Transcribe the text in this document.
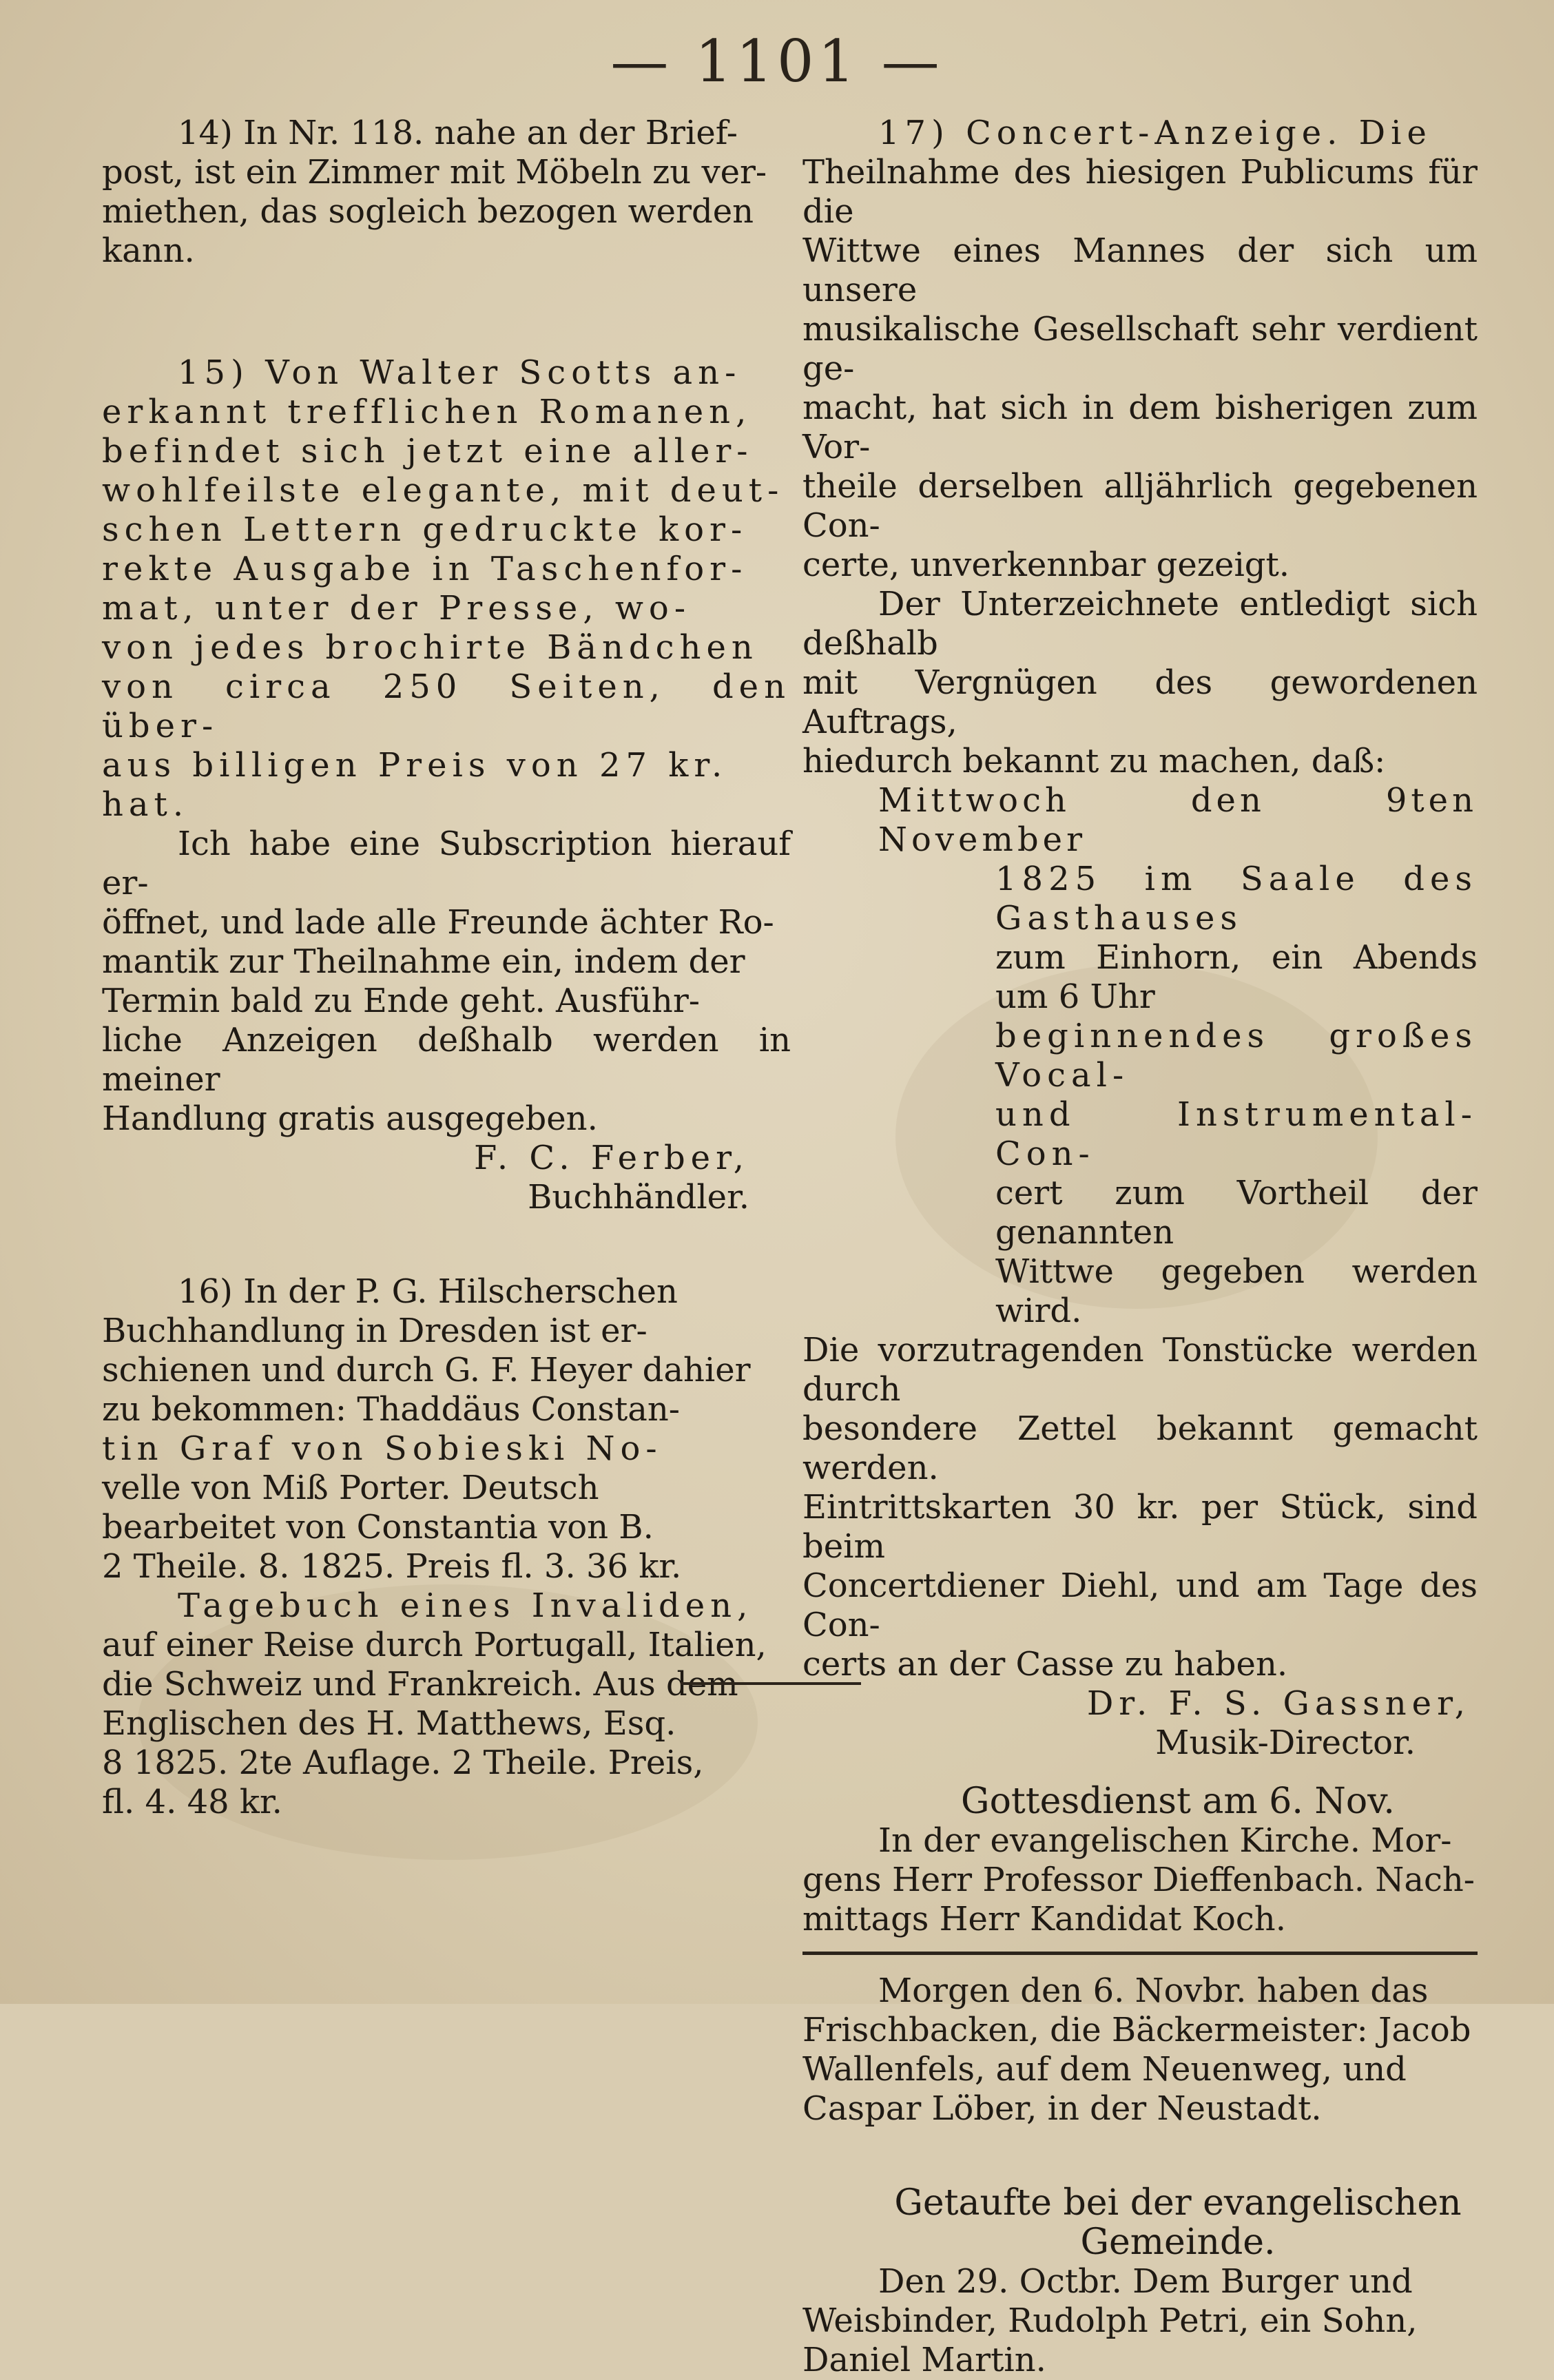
— 1101 —

14) In Nr. 118. nahe an der Brief-

post, ist ein Zimmer mit Möbeln zu ver-

miethen, das sogleich bezogen werden

kann.

15) Von Walter Scotts an-

erkannt trefflichen Romanen,

befindet sich jetzt eine aller-

wohlfeilste elegante, mit deut-

schen Lettern gedruckte kor-

rekte Ausgabe in Taschenfor-

mat, unter der Presse, wo-

von jedes brochirte Bändchen

von circa 250 Seiten, den über-

aus billigen Preis von 27 kr.

hat.

Ich habe eine Subscription hierauf er-

öffnet, und lade alle Freunde ächter Ro-

mantik zur Theilnahme ein, indem der

Termin bald zu Ende geht. Ausführ-

liche Anzeigen deßhalb werden in meiner

Handlung gratis ausgegeben.

F. C. Ferber,

Buchhändler.

16) In der P. G. Hilscherschen

Buchhandlung in Dresden ist er-

schienen und durch G. F. Heyer dahier

zu bekommen: Thaddäus Constan-

tin Graf von Sobieski No-

velle von Miß Porter. Deutsch

bearbeitet von Constantia von B.

2 Theile. 8. 1825. Preis fl. 3. 36 kr.

Tagebuch eines Invaliden,

auf einer Reise durch Portugall, Italien,

die Schweiz und Frankreich. Aus dem

Englischen des H. Matthews, Esq.

8 1825. 2te Auflage. 2 Theile. Preis,

fl. 4. 48 kr.

17) Concert-Anzeige. Die

Theilnahme des hiesigen Publicums für die

Wittwe eines Mannes der sich um unsere

musikalische Gesellschaft sehr verdient ge-

macht, hat sich in dem bisherigen zum Vor-

theile derselben alljährlich gegebenen Con-

certe, unverkennbar gezeigt.

Der Unterzeichnete entledigt sich deßhalb

mit Vergnügen des gewordenen Auftrags,

hiedurch bekannt zu machen, daß:

Mittwoch den 9ten November

1825 im Saale des Gasthauses

zum Einhorn, ein Abends um 6 Uhr

beginnendes großes Vocal-

und Instrumental-Con-

cert zum Vortheil der genannten

Wittwe gegeben werden wird.

Die vorzutragenden Tonstücke werden durch

besondere Zettel bekannt gemacht werden.

Eintrittskarten 30 kr. per Stück, sind beim

Concertdiener Diehl, und am Tage des Con-

certs an der Casse zu haben.

Dr. F. S. Gassner,

Musik-Director.

Gottesdienst am 6. Nov.

In der evangelischen Kirche. Mor-

gens Herr Professor Dieffenbach. Nach-

mittags Herr Kandidat Koch.

Morgen den 6. Novbr. haben das

Frischbacken, die Bäckermeister: Jacob

Wallenfels, auf dem Neuenweg, und

Caspar Löber, in der Neustadt.

Getaufte bei der evangelischen

Gemeinde.

Den 29. Octbr. Dem Burger und

Weisbinder, Rudolph Petri, ein Sohn,

Daniel Martin.
